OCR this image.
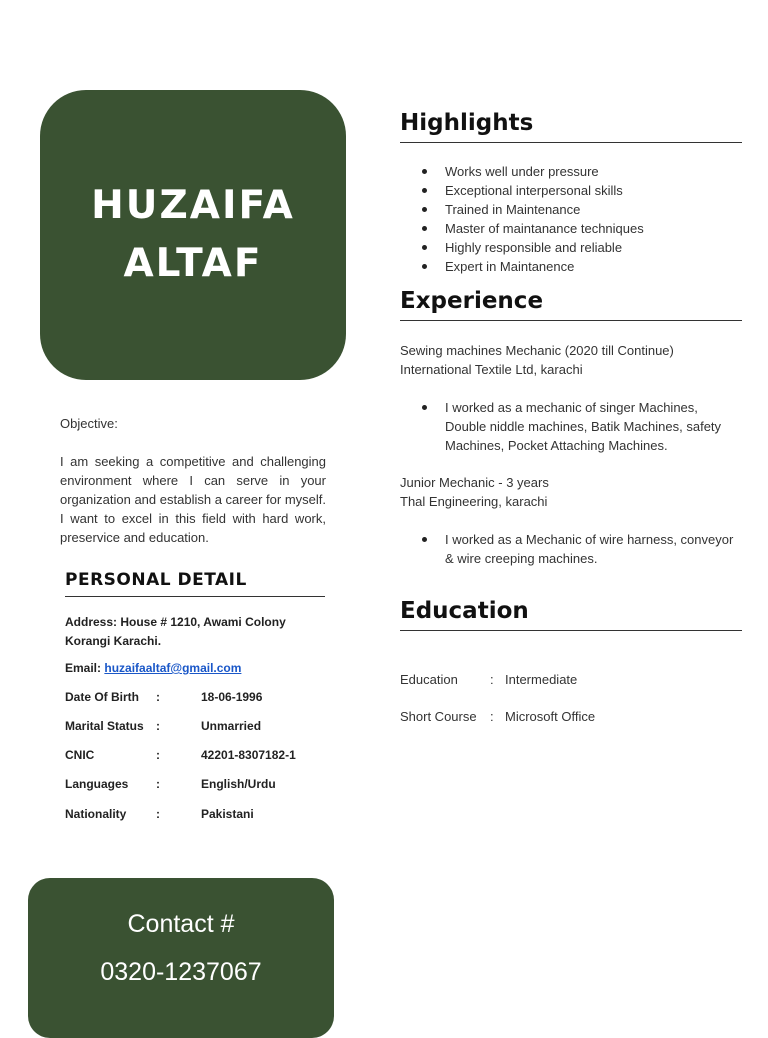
HUZAIFA
ALTAF
Objective:
I am seeking a competitive and challenging environment where I can serve in your organization and establish a career for myself. I want to excel in this field with hard work, preservice and education.
PERSONAL DETAIL
Address: House # 1210, Awami Colony
Korangi Karachi.
Email: huzaifaaltaf@gmail.com
Date Of Birth :	18-06-1996
Marital Status :	Unmarried
CNIC	:	42201-8307182-1
Languages :	English/Urdu
Nationality :	Pakistani
Contact #
0320-1237067
Highlights
Works well under pressure
Exceptional interpersonal skills
Trained in Maintenance
Master of maintanance techniques
Highly responsible and reliable
Expert in Maintanence
Experience
Sewing machines Mechanic (2020 till Continue)
International Textile Ltd, karachi
I worked as a mechanic of singer Machines,
Double niddle machines, Batik Machines, safety
Machines, Pocket Attaching Machines.
Junior Mechanic - 3 years
Thal Engineering, karachi
I worked as a Mechanic of wire harness, conveyor
& wire creeping machines.
Education
Education : Intermediate
Short Course : Microsoft Office
